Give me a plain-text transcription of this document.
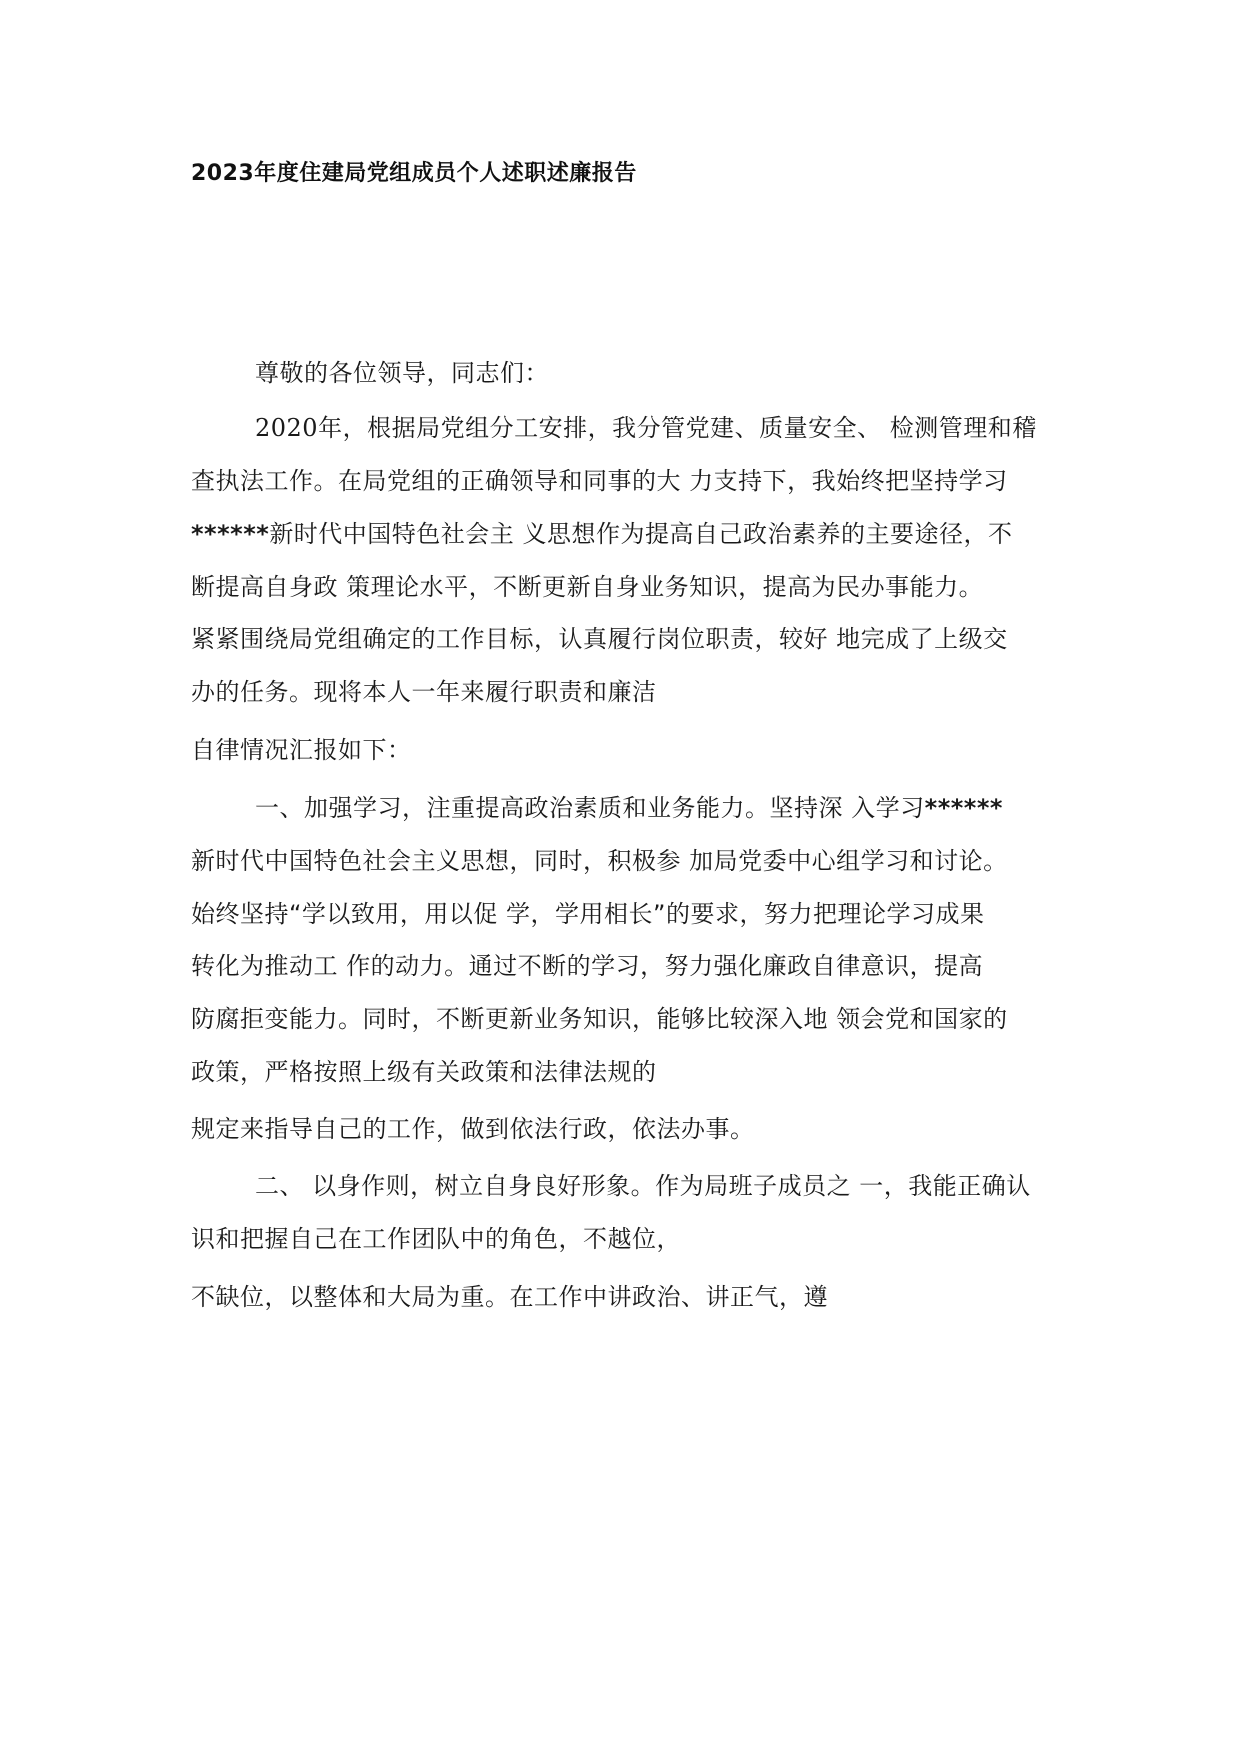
2023年度住建局党组成员个人述职述廉报告
尊敬的各位领导，同志们：
2020年，根据局党组分工安排，我分管党建、质量安全、 检测管理和稽
查执法工作。在局党组的正确领导和同事的大 力支持下，我始终把坚持学习
******新时代中国特色社会主 义思想作为提高自己政治素养的主要途径，不
断提高自身政 策理论水平，不断更新自身业务知识，提高为民办事能力。
紧紧围绕局党组确定的工作目标，认真履行岗位职责，较好 地完成了上级交
办的任务。现将本人一年来履行职责和廉洁
自律情况汇报如下：
一、加强学习，注重提高政治素质和业务能力。坚持深 入学习******
新时代中国特色社会主义思想，同时，积极参 加局党委中心组学习和讨论。
始终坚持“学以致用，用以促 学，学用相长”的要求，努力把理论学习成果
转化为推动工 作的动力。通过不断的学习，努力强化廉政自律意识，提高
防腐拒变能力。同时，不断更新业务知识，能够比较深入地 领会党和国家的
政策，严格按照上级有关政策和法律法规的
规定来指导自己的工作，做到依法行政，依法办事。
二、 以身作则，树立自身良好形象。作为局班子成员之 一，我能正确认
识和把握自己在工作团队中的角色，不越位，
不缺位，以整体和大局为重。在工作中讲政治、讲正气，遵
